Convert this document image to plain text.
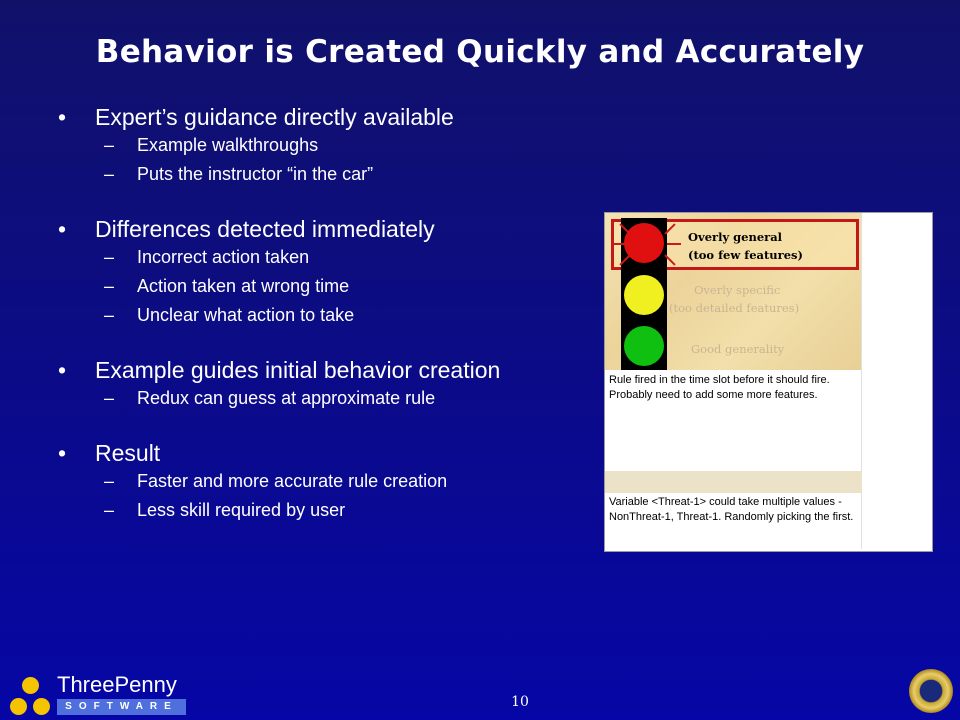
Behavior is Created Quickly and Accurately
• Expert’s guidance directly available
– Example walkthroughs
– Puts the instructor “in the car”
• Differences detected immediately
– Incorrect action taken
– Action taken at wrong time
– Unclear what action to take
• Example guides initial behavior creation
– Redux can guess at approximate rule
• Result
– Faster and more accurate rule creation
– Less skill required by user
Overly general
(too few features)
Overly specific
(too detailed features)
Good generality
Rule fired in the time slot before it should fire. Probably need to add some more features.
Variable <Threat-1> could take multiple values - NonThreat-1, Threat-1. Randomly picking the first.
ThreePenny
SOFTWARE	10
